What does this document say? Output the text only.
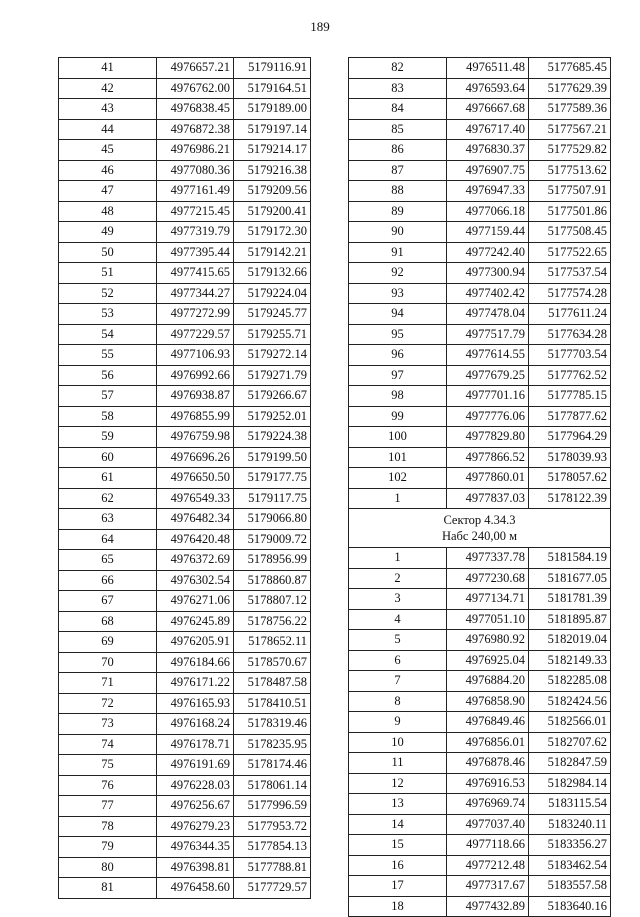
189
41	4976657.21	5179116.91
42	4976762.00	5179164.51
43	4976838.45	5179189.00
44	4976872.38	5179197.14
45	4976986.21	5179214.17
46	4977080.36	5179216.38
47	4977161.49	5179209.56
48	4977215.45	5179200.41
49	4977319.79	5179172.30
50	4977395.44	5179142.21
51	4977415.65	5179132.66
52	4977344.27	5179224.04
53	4977272.99	5179245.77
54	4977229.57	5179255.71
55	4977106.93	5179272.14
56	4976992.66	5179271.79
57	4976938.87	5179266.67
58	4976855.99	5179252.01
59	4976759.98	5179224.38
60	4976696.26	5179199.50
61	4976650.50	5179177.75
62	4976549.33	5179117.75
63	4976482.34	5179066.80
64	4976420.48	5179009.72
65	4976372.69	5178956.99
66	4976302.54	5178860.87
67	4976271.06	5178807.12
68	4976245.89	5178756.22
69	4976205.91	5178652.11
70	4976184.66	5178570.67
71	4976171.22	5178487.58
72	4976165.93	5178410.51
73	4976168.24	5178319.46
74	4976178.71	5178235.95
75	4976191.69	5178174.46
76	4976228.03	5178061.14
77	4976256.67	5177996.59
78	4976279.23	5177953.72
79	4976344.35	5177854.13
80	4976398.81	5177788.81
81	4976458.60	5177729.57
82	4976511.48	5177685.45
83	4976593.64	5177629.39
84	4976667.68	5177589.36
85	4976717.40	5177567.21
86	4976830.37	5177529.82
87	4976907.75	5177513.62
88	4976947.33	5177507.91
89	4977066.18	5177501.86
90	4977159.44	5177508.45
91	4977242.40	5177522.65
92	4977300.94	5177537.54
93	4977402.42	5177574.28
94	4977478.04	5177611.24
95	4977517.79	5177634.28
96	4977614.55	5177703.54
97	4977679.25	5177762.52
98	4977701.16	5177785.15
99	4977776.06	5177877.62
100	4977829.80	5177964.29
101	4977866.52	5178039.93
102	4977860.01	5178057.62
1	4977837.03	5178122.39

Сектор 4.34.3
Набс 240,00 м		

1	4977337.78	5181584.19
2	4977230.68	5181677.05
3	4977134.71	5181781.39
4	4977051.10	5181895.87
5	4976980.92	5182019.04
6	4976925.04	5182149.33
7	4976884.20	5182285.08
8	4976858.90	5182424.56
9	4976849.46	5182566.01
10	4976856.01	5182707.62
11	4976878.46	5182847.59
12	4976916.53	5182984.14
13	4976969.74	5183115.54
14	4977037.40	5183240.11
15	4977118.66	5183356.27
16	4977212.48	5183462.54
17	4977317.67	5183557.58
18	4977432.89	5183640.16
